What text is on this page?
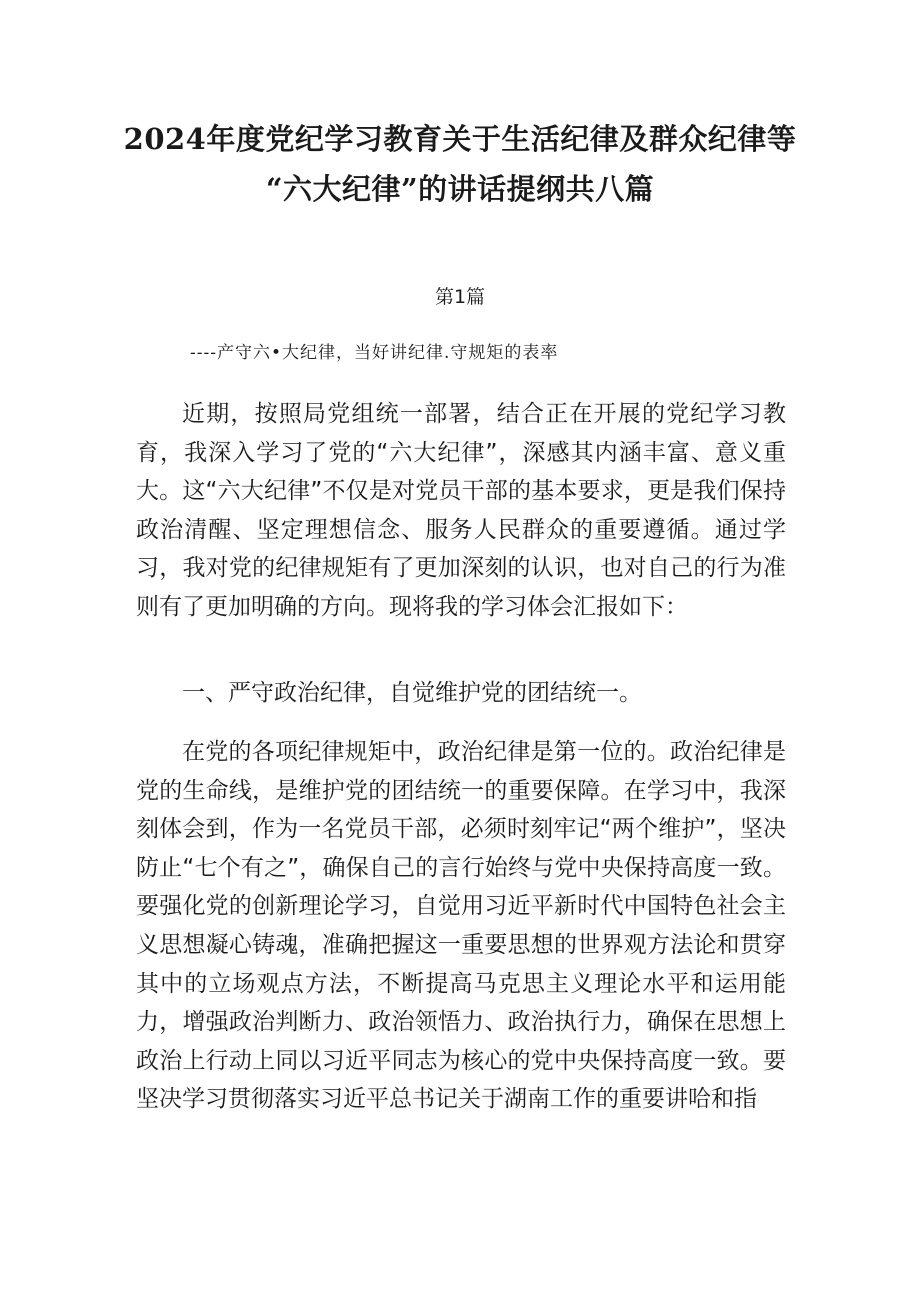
2024年度党纪学习教育关于生活纪律及群众纪律等
“六大纪律”的讲话提纲共八篇
第1篇
----产守六•大纪律，当好讲纪律.守规矩的表率

近期，按照局党组统一部署，结合正在开展的党纪学习教育，我深入学习了党的“六大纪律”，深感其内涵丰富、意义重大。这“六大纪律”不仅是对党员干部的基本要求，更是我们保持政治清醒、坚定理想信念、服务人民群众的重要遵循。通过学习，我对党的纪律规矩有了更加深刻的认识，也对自己的行为准则有了更加明确的方向。现将我的学习体会汇报如下：

一、严守政治纪律，自觉维护党的团结统一。

在党的各项纪律规矩中，政治纪律是第一位的。政治纪律是党的生命线，是维护党的团结统一的重要保障。在学习中，我深刻体会到，作为一名党员干部，必须时刻牢记“两个维护”，坚决防止“七个有之”，确保自己的言行始终与党中央保持高度一致。要强化党的创新理论学习，自觉用习近平新时代中国特色社会主义思想凝心铸魂，准确把握这一重要思想的世界观方法论和贯穿其中的立场观点方法，不断提高马克思主义理论水平和运用能力，增强政治判断力、政治领悟力、政治执行力，确保在思想上政治上行动上同以习近平同志为核心的党中央保持高度一致。要坚决学习贯彻落实习近平总书记关于湖南工作的重要讲哈和指
